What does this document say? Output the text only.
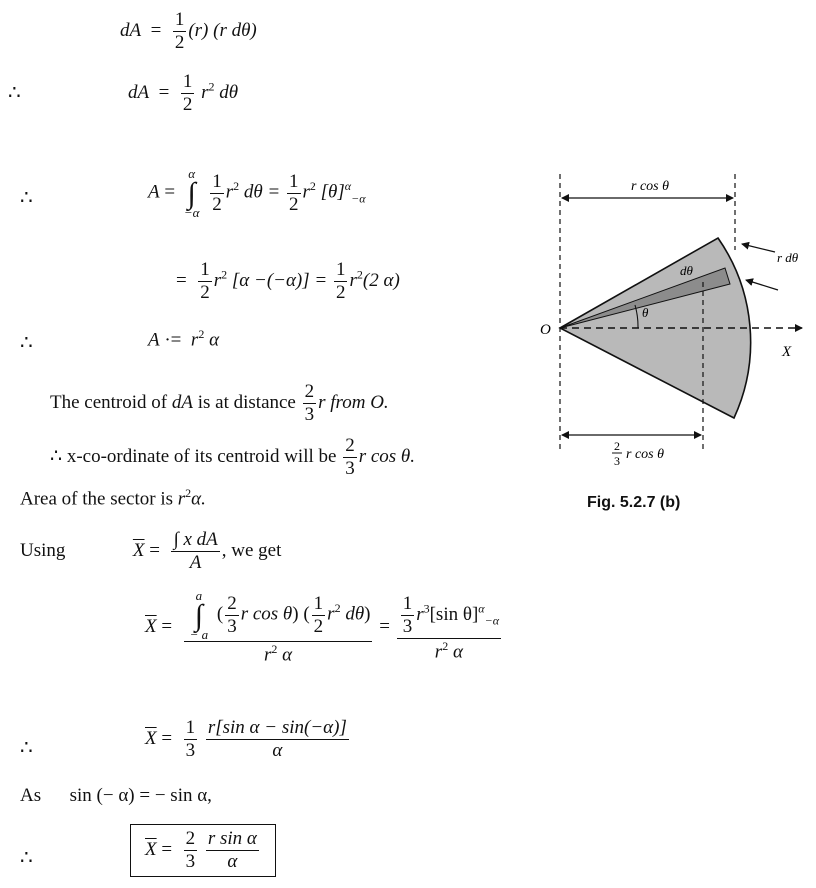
dA = $\frac{1}{2} (r)$ (r dθ)
∴	dA = $\frac{1}{2} r^2$ dθ
∴	A =
α
∫
−α
$\frac{1}{2} r^2$ $d\theta = \frac{1}{2} r^2$ $[\theta]^\alpha_{-\alpha}$
= $\frac{1}{2} r^2$ $[\alpha -(-\alpha)] = \frac{1}{2} r^2(2$ α)
∴	$A \cdot= r^2$ α
The centroid of dA is at distance $\frac{2}{3}$ r from O.
∴ x-co-ordinate of its centroid will be $\frac{2}{3}$ r cos θ.
Area of the sector is $r^2\alpha$.
Using	$\overline{X} = \frac{\text{∫ x dA}}{A}$ , we get
$\overline{X} = a$
∫
− a
( $\frac{2}{3}$ r cos θ) ( $\frac{1}{2} r^2$ dθ)
$r^2$ $\alpha = \frac{\frac{1}{3} r^3[\sin \theta]^\alpha_{-\alpha}}{r^2 \alpha}$
∴	$\overline{X} = \frac{1}{3}$
$\frac{\text{r[sin α − sin(−α)]}}{\alpha}$
As sin (− α) = − sin α,
∴	$\overline{X} = \frac{2}{3}$
$\frac{\text{r sin α}}{\alpha}$
r cos θ
O
X
dθ
θ
r dθ
2
3 r cos θ
Fig. 5.2.7 (b)
